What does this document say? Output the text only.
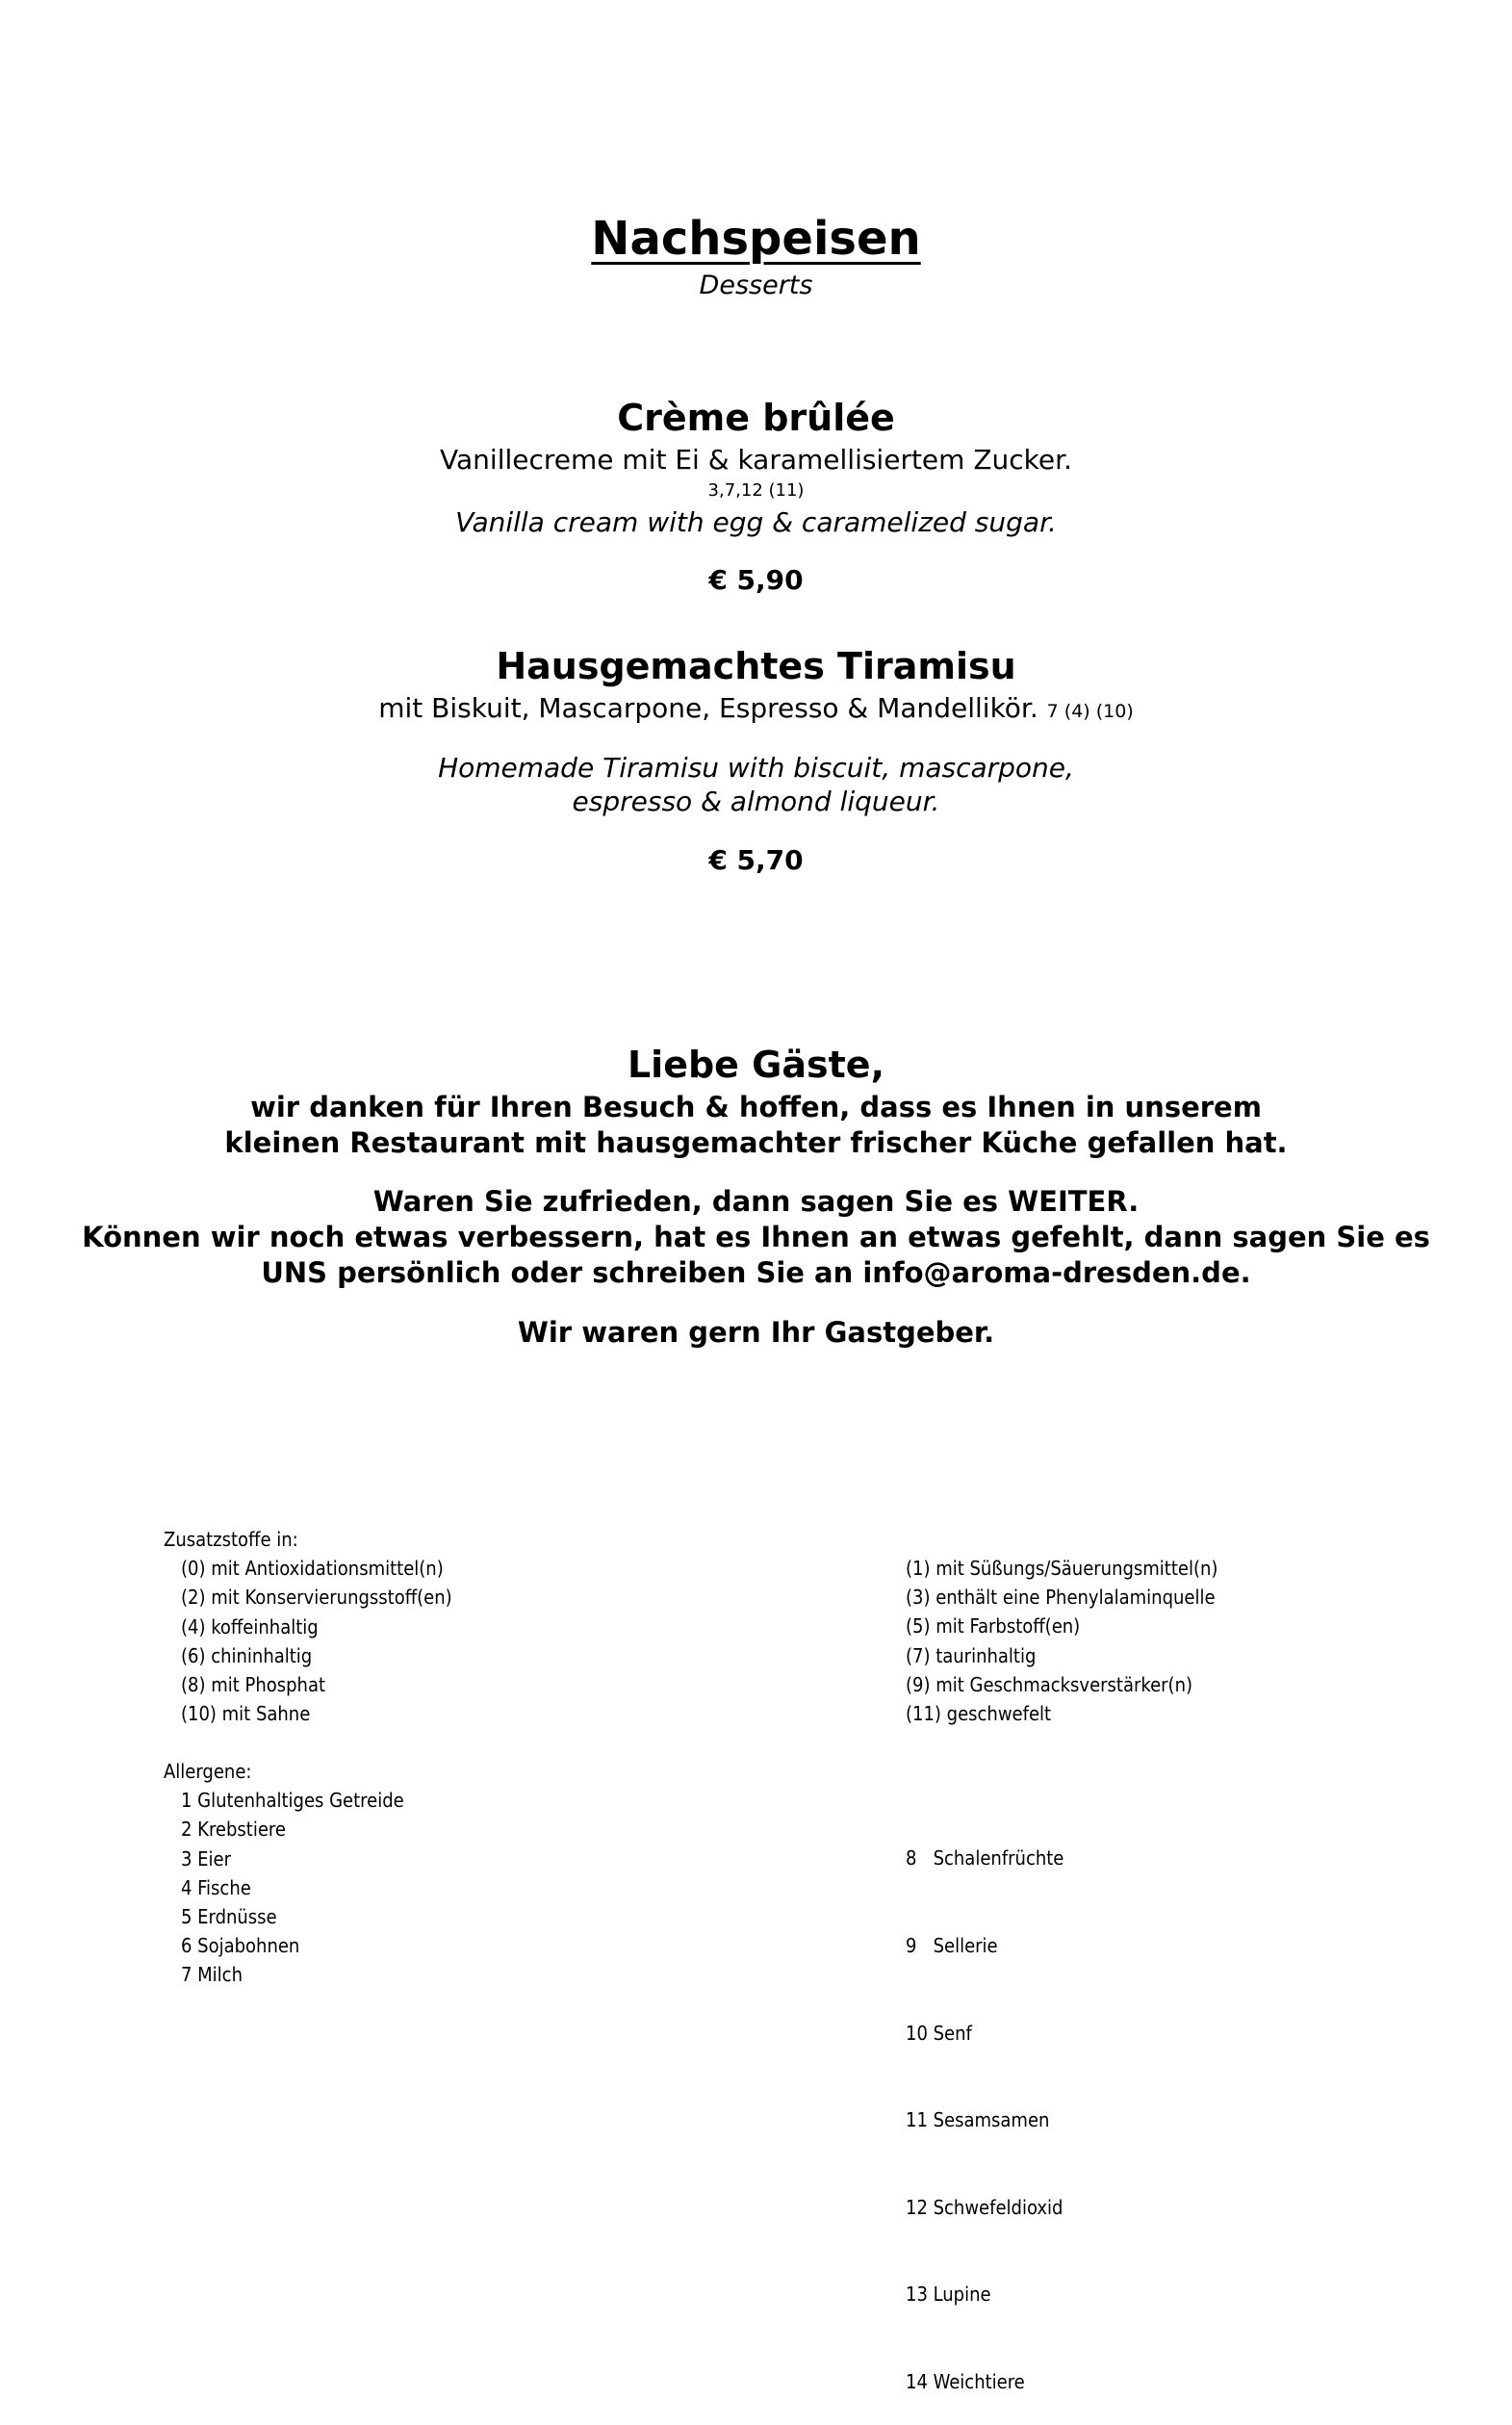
Nachspeisen
Desserts
Crème brûlée
Vanillecreme mit Ei & karamellisiertem Zucker.
3,7,12 (11)
Vanilla cream with egg & caramelized sugar.
€ 5,90
Hausgemachtes Tiramisu
mit Biskuit, Mascarpone, Espresso & Mandellikör. 7 (4) (10)
Homemade Tiramisu with biscuit, mascarpone,
espresso & almond liqueur.
€ 5,70
Liebe Gäste,
wir danken für Ihren Besuch & hoffen, dass es Ihnen in unserem
kleinen Restaurant mit hausgemachter frischer Küche gefallen hat.
Waren Sie zufrieden, dann sagen Sie es WEITER.
Können wir noch etwas verbessern, hat es Ihnen an etwas gefehlt, dann sagen Sie es
UNS persönlich oder schreiben Sie an info@aroma-dresden.de.
Wir waren gern Ihr Gastgeber.
Zusatzstoffe in:
(0) mit Antioxidationsmittel(n)
(2) mit Konservierungsstoff(en)
(4) koffeinhaltig
(6) chininhaltig
(8) mit Phosphat
(10) mit Sahne
(1) mit Süßungs/Säuerungsmittel(n)
(3) enthält eine Phenylalaminquelle
(5) mit Farbstoff(en)
(7) taurinhaltig
(9) mit Geschmacksverstärker(n)
(11) geschwefelt
Allergene:
1 Glutenhaltiges Getreide
2 Krebstiere
3 Eier
4 Fische
5 Erdnüsse
6 Sojabohnen
7 Milch

8   Schalenfrüchte

9   Sellerie

10 Senf

11 Sesamsamen

12 Schwefeldioxid

13 Lupine

14 Weichtiere
